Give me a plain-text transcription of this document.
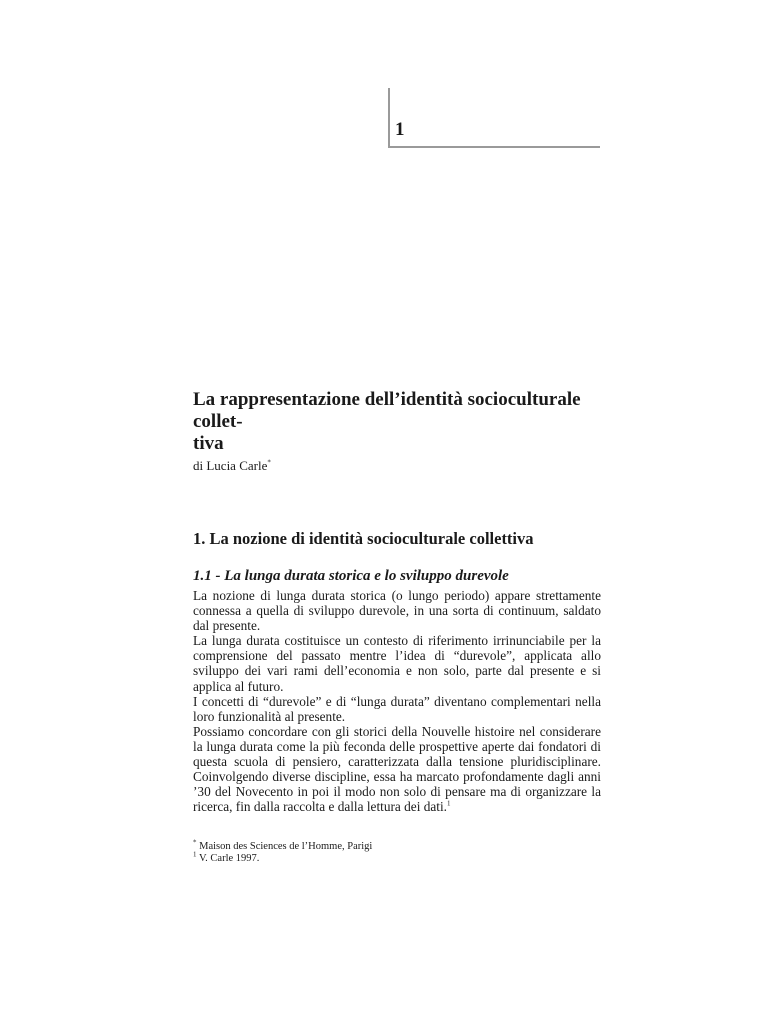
1
La rappresentazione dell’identità socioculturale collet-
tiva
di Lucia Carle*
1. La nozione di identità socioculturale collettiva
1.1 - La lunga durata storica e lo sviluppo durevole

La nozione di lunga durata storica (o lungo periodo) appare strettamente connessa a quella di sviluppo durevole, in una sorta di continuum, saldato dal presente.

La lunga durata costituisce un contesto di riferimento irrinunciabile per la comprensione del passato mentre l’idea di “durevole”, applicata allo sviluppo dei vari rami dell’economia e non solo, parte dal presente e si applica al futuro.

I concetti di “durevole” e di “lunga durata” diventano complementari nella loro funzionalità al presente.

Possiamo concordare con gli storici della Nouvelle histoire nel considerare la lunga durata come la più feconda delle prospettive aperte dai fondatori di questa scuola di pensiero, caratterizzata dalla tensione pluridisciplinare. Coinvolgendo diverse discipline, essa ha marcato profondamente dagli anni ’30 del Novecento in poi il modo non solo di pensare ma di organizzare la ricerca, fin dalla raccolta e dalla lettura dei dati.$^1$

* Maison des Sciences de l’Homme, Parigi
$^1$ V. Carle 1997.
